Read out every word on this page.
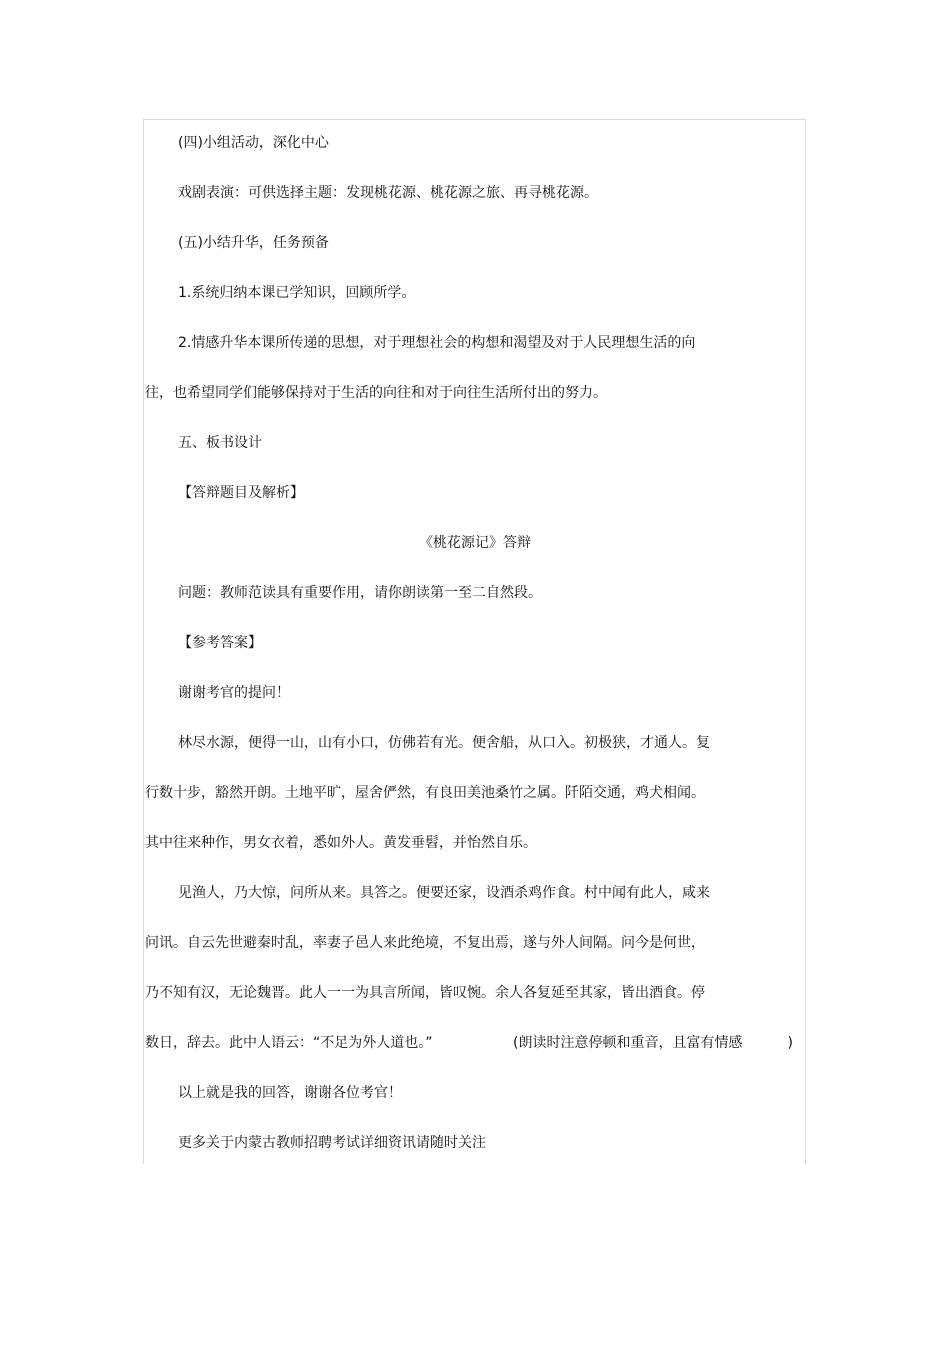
(四)小组活动，深化中心
戏剧表演：可供选择主题：发现桃花源、桃花源之旅、再寻桃花源。
(五)小结升华，任务预备
1.系统归纳本课已学知识，回顾所学。
2.情感升华本课所传递的思想，对于理想社会的构想和渴望及对于人民理想生活的向
往，也希望同学们能够保持对于生活的向往和对于向往生活所付出的努力。
五、板书设计
【答辩题目及解析】
《桃花源记》答辩
问题：教师范读具有重要作用，请你朗读第一至二自然段。
【参考答案】
谢谢考官的提问！
林尽水源，便得一山，山有小口，仿佛若有光。便舍船，从口入。初极狭，才通人。复
行数十步，豁然开朗。土地平旷，屋舍俨然，有良田美池桑竹之属。阡陌交通，鸡犬相闻。
其中往来种作，男女衣着，悉如外人。黄发垂髫，并怡然自乐。
见渔人，乃大惊，问所从来。具答之。便要还家，设酒杀鸡作食。村中闻有此人，咸来
问讯。自云先世避秦时乱，率妻子邑人来此绝境，不复出焉，遂与外人间隔。问今是何世，
乃不知有汉，无论魏晋。此人一一为具言所闻，皆叹惋。余人各复延至其家，皆出酒食。停
数日，辞去。此中人语云：“不足为外人道也。”	(朗读时注意停顿和重音，且富有情感	)
以上就是我的回答，谢谢各位考官！
更多关于内蒙古教师招聘考试详细资讯请随时关注
